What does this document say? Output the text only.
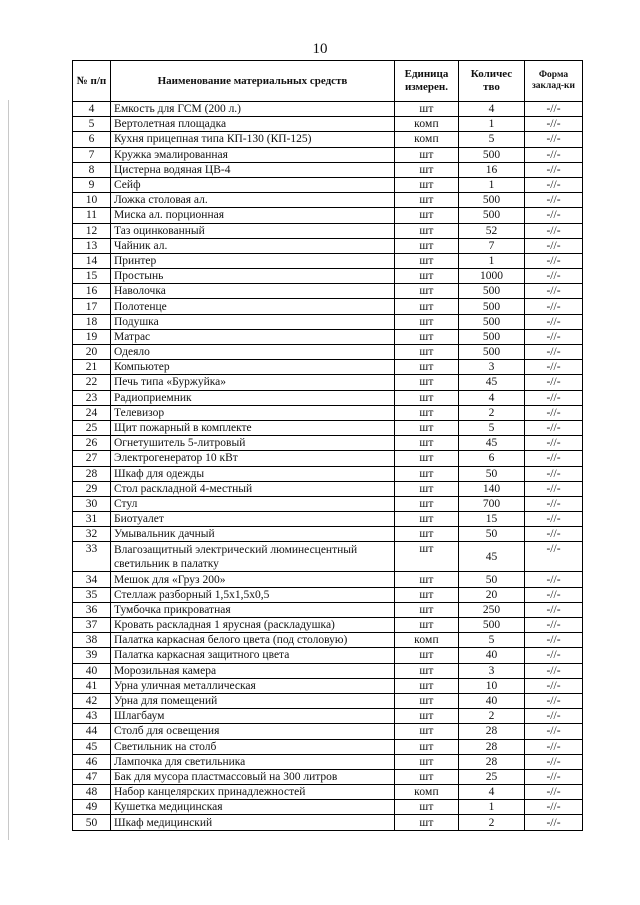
10
№ п/п	Наименование материальных средств	Единица измерен.	Количес тво	Форма заклад-ки
4	Емкость для ГСМ (200 л.)	шт	4	-//-
5	Вертолетная площадка	комп	1	-//-
6	Кухня прицепная типа КП-130 (КП-125)	комп	5	-//-
7	Кружка эмалированная	шт	500	-//-
8	Цистерна водяная ЦВ-4	шт	16	-//-
9	Сейф	шт	1	-//-
10	Ложка столовая ал.	шт	500	-//-
11	Миска ал. порционная	шт	500	-//-
12	Таз оцинкованный	шт	52	-//-
13	Чайник ал.	шт	7	-//-
14	Принтер	шт	1	-//-
15	Простынь	шт	1000	-//-
16	Наволочка	шт	500	-//-
17	Полотенце	шт	500	-//-
18	Подушка	шт	500	-//-
19	Матрас	шт	500	-//-
20	Одеяло	шт	500	-//-
21	Компьютер	шт	3	-//-
22	Печь типа «Буржуйка»	шт	45	-//-
23	Радиоприемник	шт	4	-//-
24	Телевизор	шт	2	-//-
25	Щит пожарный в комплекте	шт	5	-//-
26	Огнетушитель 5-литровый	шт	45	-//-
27	Электрогенератор 10 кВт	шт	6	-//-
28	Шкаф для одежды	шт	50	-//-
29	Стол раскладной 4-местный	шт	140	-//-
30	Стул	шт	700	-//-
31	Биотуалет	шт	15	-//-
32	Умывальник дачный	шт	50	-//-
33	Влагозащитный электрический люминесцентный светильник в палатку	шт	45	-//-
34	Мешок для «Груз 200»	шт	50	-//-
35	Стеллаж разборный 1,5х1,5х0,5	шт	20	-//-
36	Тумбочка прикроватная	шт	250	-//-
37	Кровать раскладная 1 ярусная (раскладушка)	шт	500	-//-
38	Палатка каркасная белого цвета (под столовую)	комп	5	-//-
39	Палатка каркасная защитного цвета	шт	40	-//-
40	Морозильная камера	шт	3	-//-
41	Урна уличная металлическая	шт	10	-//-
42	Урна для помещений	шт	40	-//-
43	Шлагбаум	шт	2	-//-
44	Столб для освещения	шт	28	-//-
45	Светильник на столб	шт	28	-//-
46	Лампочка для светильника	шт	28	-//-
47	Бак для мусора пластмассовый на 300 литров	шт	25	-//-
48	Набор канцелярских принадлежностей	комп	4	-//-
49	Кушетка медицинская	шт	1	-//-
50	Шкаф медицинский	шт	2	-//-
